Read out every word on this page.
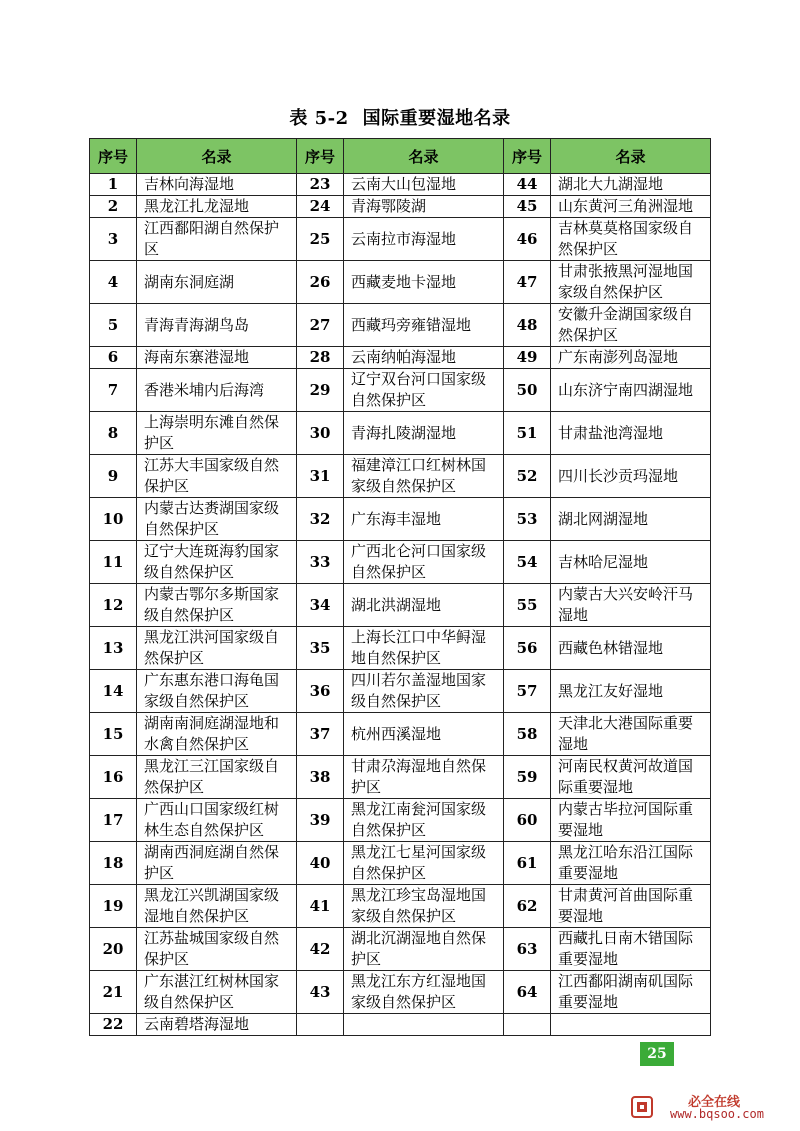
表 5-2 国际重要湿地名录
序号	名录	序号	名录	序号	名录
1	吉林向海湿地	23	云南大山包湿地	44	湖北大九湖湿地
2	黑龙江扎龙湿地	24	青海鄂陵湖	45	山东黄河三角洲湿地
3	江西鄱阳湖自然保护区	25	云南拉市海湿地	46	吉林莫莫格国家级自然保护区
4	湖南东洞庭湖	26	西藏麦地卡湿地	47	甘肃张掖黑河湿地国家级自然保护区
5	青海青海湖鸟岛	27	西藏玛旁雍错湿地	48	安徽升金湖国家级自然保护区
6	海南东寨港湿地	28	云南纳帕海湿地	49	广东南澎列岛湿地
7	香港米埔内后海湾	29	辽宁双台河口国家级自然保护区	50	山东济宁南四湖湿地
8	上海崇明东滩自然保护区	30	青海扎陵湖湿地	51	甘肃盐池湾湿地
9	江苏大丰国家级自然保护区	31	福建漳江口红树林国家级自然保护区	52	四川长沙贡玛湿地
10	内蒙古达赉湖国家级自然保护区	32	广东海丰湿地	53	湖北网湖湿地
11	辽宁大连斑海豹国家级自然保护区	33	广西北仑河口国家级自然保护区	54	吉林哈尼湿地
12	内蒙古鄂尔多斯国家级自然保护区	34	湖北洪湖湿地	55	内蒙古大兴安岭汗马湿地
13	黑龙江洪河国家级自然保护区	35	上海长江口中华鲟湿地自然保护区	56	西藏色林错湿地
14	广东惠东港口海龟国家级自然保护区	36	四川若尔盖湿地国家级自然保护区	57	黑龙江友好湿地
15	湖南南洞庭湖湿地和水禽自然保护区	37	杭州西溪湿地	58	天津北大港国际重要湿地
16	黑龙江三江国家级自然保护区	38	甘肃尕海湿地自然保护区	59	河南民权黄河故道国际重要湿地
17	广西山口国家级红树林生态自然保护区	39	黑龙江南瓮河国家级自然保护区	60	内蒙古毕拉河国际重要湿地
18	湖南西洞庭湖自然保护区	40	黑龙江七星河国家级自然保护区	61	黑龙江哈东沿江国际重要湿地
19	黑龙江兴凯湖国家级湿地自然保护区	41	黑龙江珍宝岛湿地国家级自然保护区	62	甘肃黄河首曲国际重要湿地
20	江苏盐城国家级自然保护区	42	湖北沉湖湿地自然保护区	63	西藏扎日南木错国际重要湿地
21	广东湛江红树林国家级自然保护区	43	黑龙江东方红湿地国家级自然保护区	64	江西鄱阳湖南矶国际重要湿地
22	云南碧塔海湿地				
25
必全在线
www.bqsoo.com
